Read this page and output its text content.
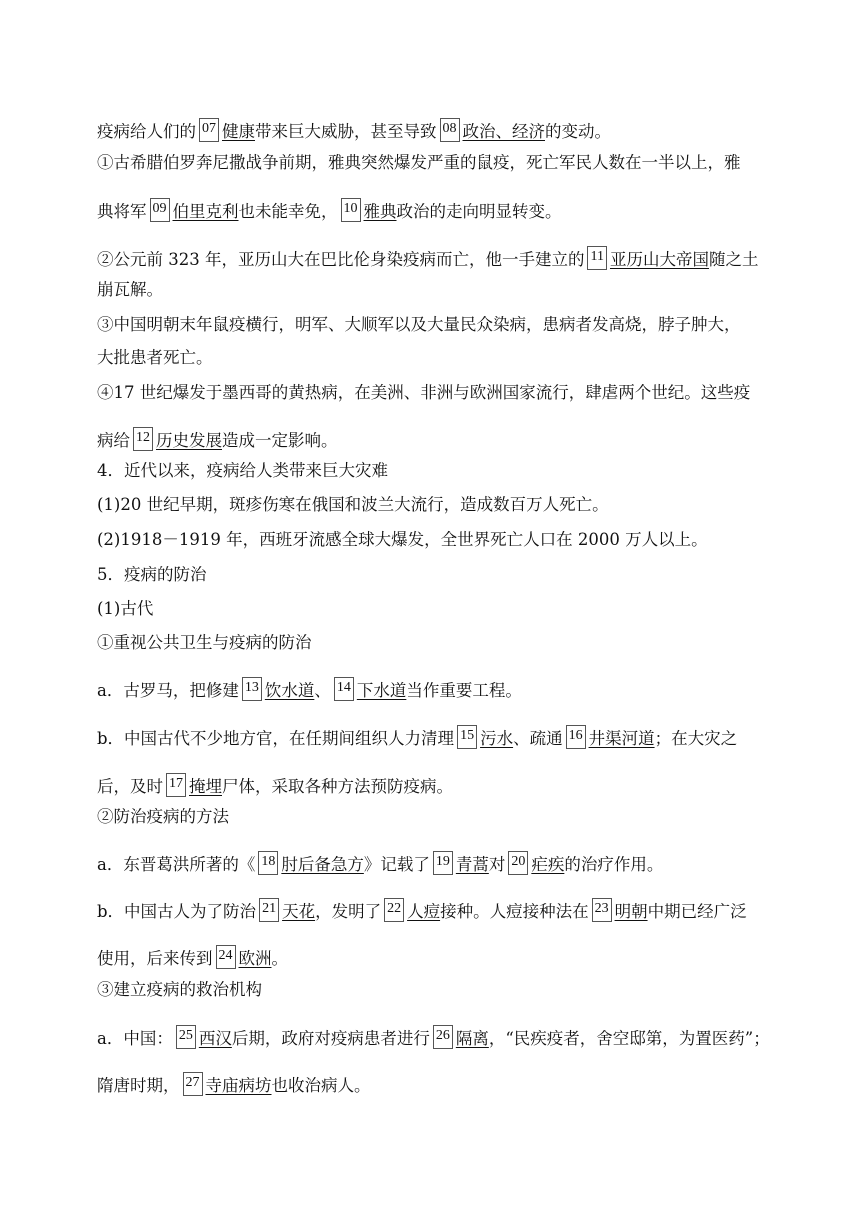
疫病给人们的 07 健康带来巨大威胁，甚至导致 08 政治、经济的变动。
①古希腊伯罗奔尼撒战争前期，雅典突然爆发严重的鼠疫，死亡军民人数在一半以上，雅
典将军 09 伯里克利也未能幸免， 10 雅典政治的走向明显转变。
②公元前 323 年，亚历山大在巴比伦身染疫病而亡，他一手建立的 11 亚历山大帝国随之土
崩瓦解。
③中国明朝末年鼠疫横行，明军、大顺军以及大量民众染病，患病者发高烧，脖子肿大，
大批患者死亡。
④17 世纪爆发于墨西哥的黄热病，在美洲、非洲与欧洲国家流行，肆虐两个世纪。这些疫
病给 12 历史发展造成一定影响。
4．近代以来，疫病给人类带来巨大灾难
(1)20 世纪早期，斑疹伤寒在俄国和波兰大流行，造成数百万人死亡。
(2)1918－1919 年，西班牙流感全球大爆发，全世界死亡人口在 2000 万人以上。
5．疫病的防治
(1)古代
①重视公共卫生与疫病的防治
a．古罗马，把修建 13 饮水道、 14 下水道当作重要工程。
b．中国古代不少地方官，在任期间组织人力清理 15 污水、疏通 16 井渠河道；在大灾之
后，及时 17 掩埋尸体，采取各种方法预防疫病。
②防治疫病的方法
a．东晋葛洪所著的《 18 肘后备急方》记载了 19 青蒿对 20 疟疾的治疗作用。
b．中国古人为了防治 21 天花，发明了 22 人痘接种。人痘接种法在 23 明朝中期已经广泛
使用，后来传到 24 欧洲。
③建立疫病的救治机构
a．中国： 25 西汉后期，政府对疫病患者进行 26 隔离，“民疾疫者，舍空邸第，为置医药”；
隋唐时期， 27 寺庙病坊也收治病人。
